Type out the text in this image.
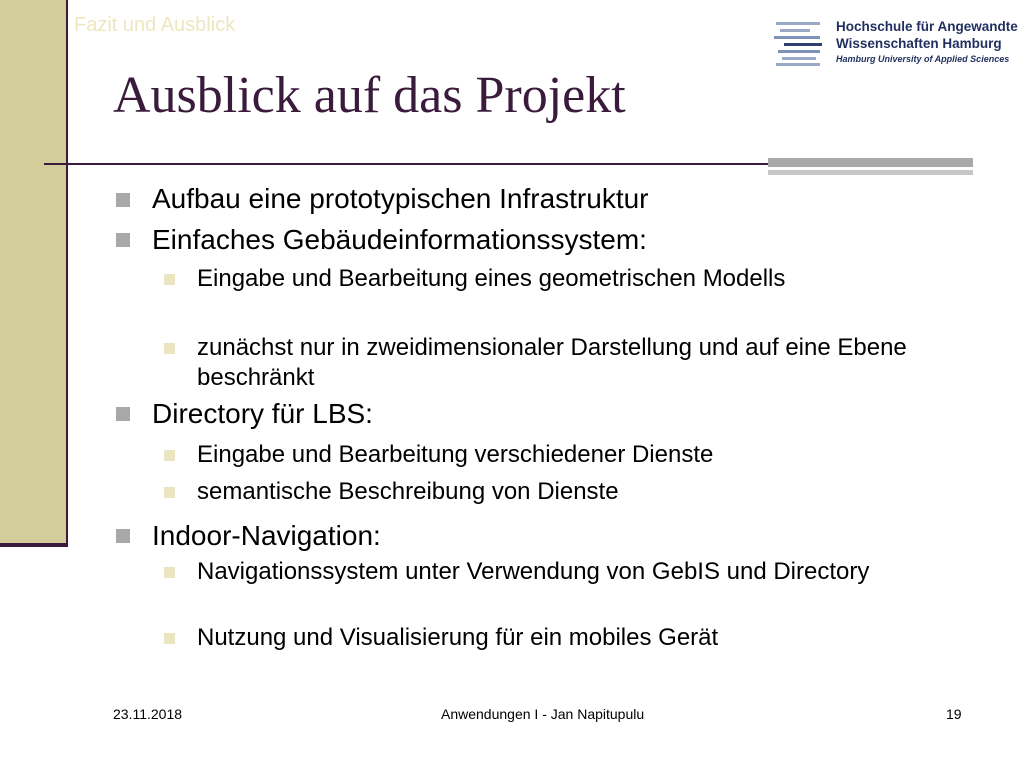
Fazit und Ausblick	Hochschule für Angewandte
Wissenschaften Hamburg
Hamburg University of Applied Sciences
Ausblick auf das Projekt
Aufbau eine prototypischen Infrastruktur
Einfaches Gebäudeinformationssystem:
Eingabe und Bearbeitung eines geometrischen Modells
zunächst nur in zweidimensionaler Darstellung und auf eine Ebene beschränkt
Directory für LBS:
Eingabe und Bearbeitung verschiedener Dienste
semantische Beschreibung von Dienste
Indoor-Navigation:
Navigationssystem unter Verwendung von GebIS und Directory
Nutzung und Visualisierung für ein mobiles Gerät
23.11.2018	Anwendungen I - Jan Napitupulu	19
